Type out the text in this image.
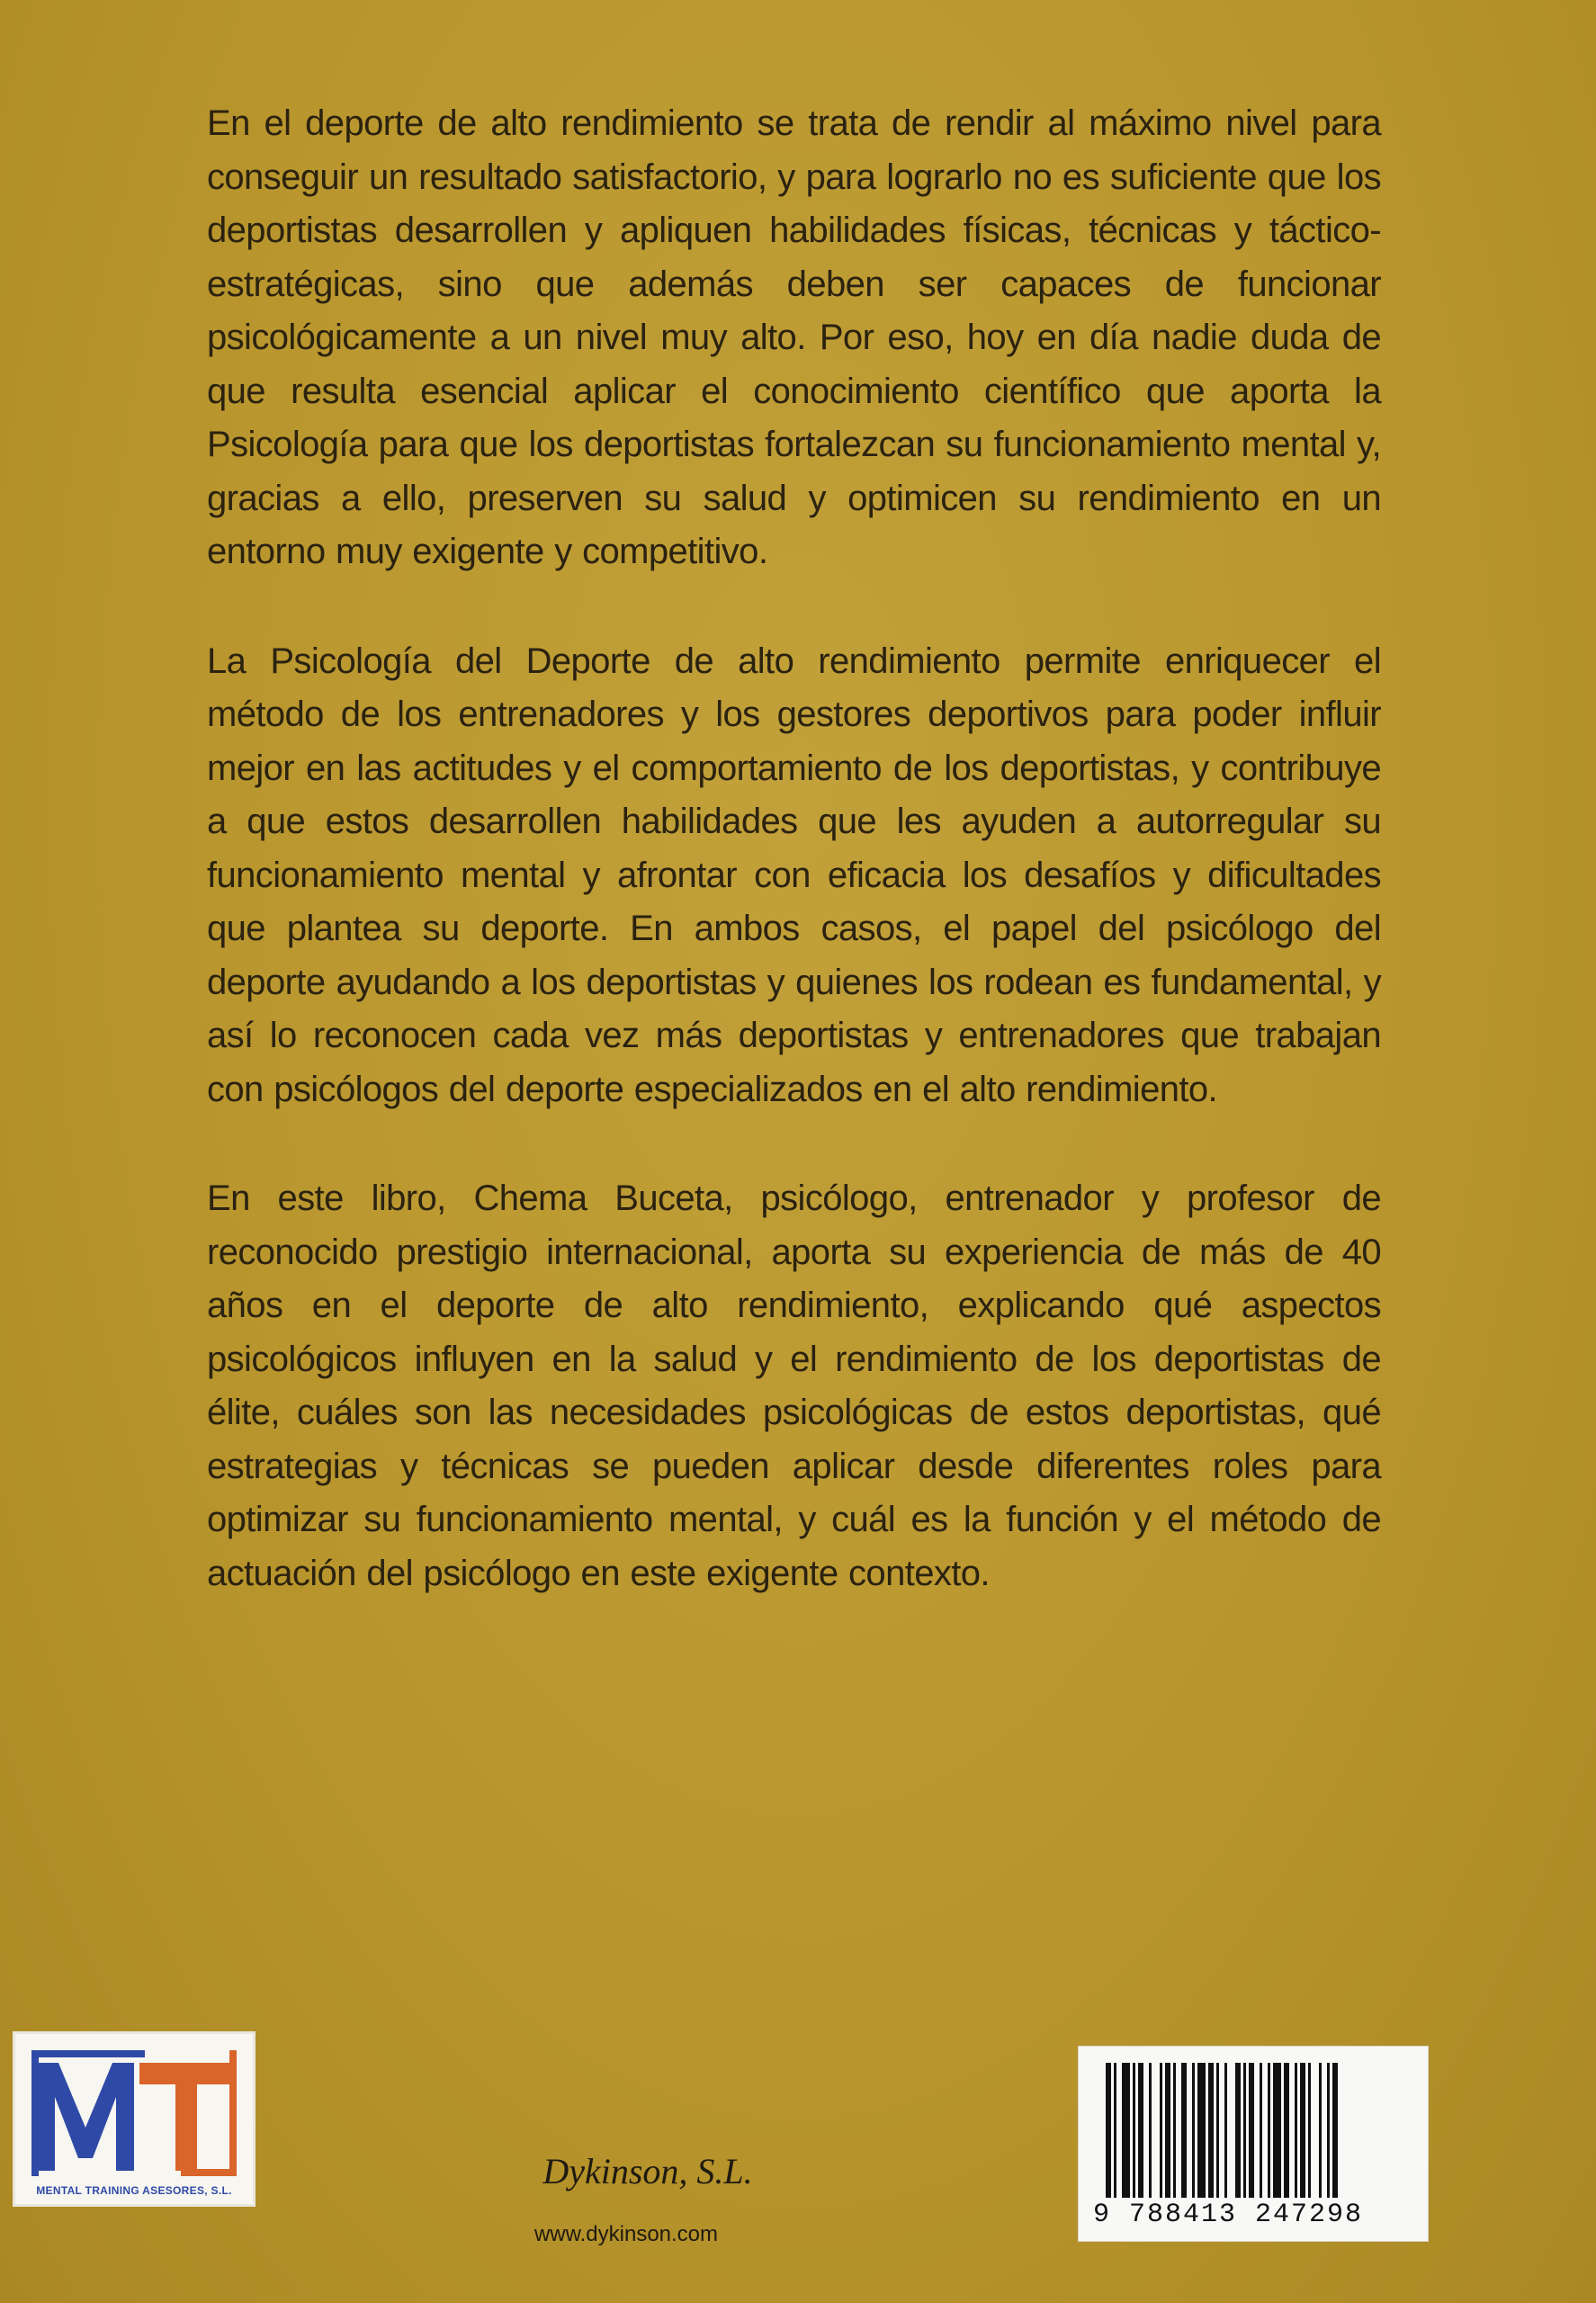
En el deporte de alto rendimiento se trata de rendir al máximo nivel para conseguir un resultado satisfactorio, y para lograrlo no es suficiente que los deportistas desarrollen y apliquen habilidades físicas, técnicas y táctico-estratégicas, sino que además deben ser capaces de funcionar psicológicamente a un nivel muy alto. Por eso, hoy en día nadie duda de que resulta esencial aplicar el conocimiento científico que aporta la Psicología para que los deportistas fortalezcan su funcionamiento mental y, gracias a ello, preserven su salud y optimicen su rendimiento en un entorno muy exigente y competitivo.

La Psicología del Deporte de alto rendimiento permite enriquecer el método de los entrenadores y los gestores deportivos para poder influir mejor en las actitudes y el comportamiento de los deportistas, y contribuye a que estos desarrollen habilidades que les ayuden a autorregular su funcionamiento mental y afrontar con eficacia los desafíos y dificultades que plantea su deporte. En ambos casos, el papel del psicólogo del deporte ayudando a los deportistas y quienes los rodean es fundamental, y así lo reconocen cada vez más deportistas y entrenadores que trabajan con psicólogos del deporte especializados en el alto rendimiento.

En este libro, Chema Buceta, psicólogo, entrenador y profesor de reconocido prestigio internacional, aporta su experiencia de más de 40 años en el deporte de alto rendimiento, explicando qué aspectos psicológicos influyen en la salud y el rendimiento de los deportistas de élite, cuáles son las necesidades psicológicas de estos deportistas, qué estrategias y técnicas se pueden aplicar desde diferentes roles para optimizar su funcionamiento mental, y cuál es la función y el método de actuación del psicólogo en este exigente contexto.

MENTAL TRAINING ASESORES, S.L.	Dykinson, S.L.
www.dykinson.com
9 788413 247298
